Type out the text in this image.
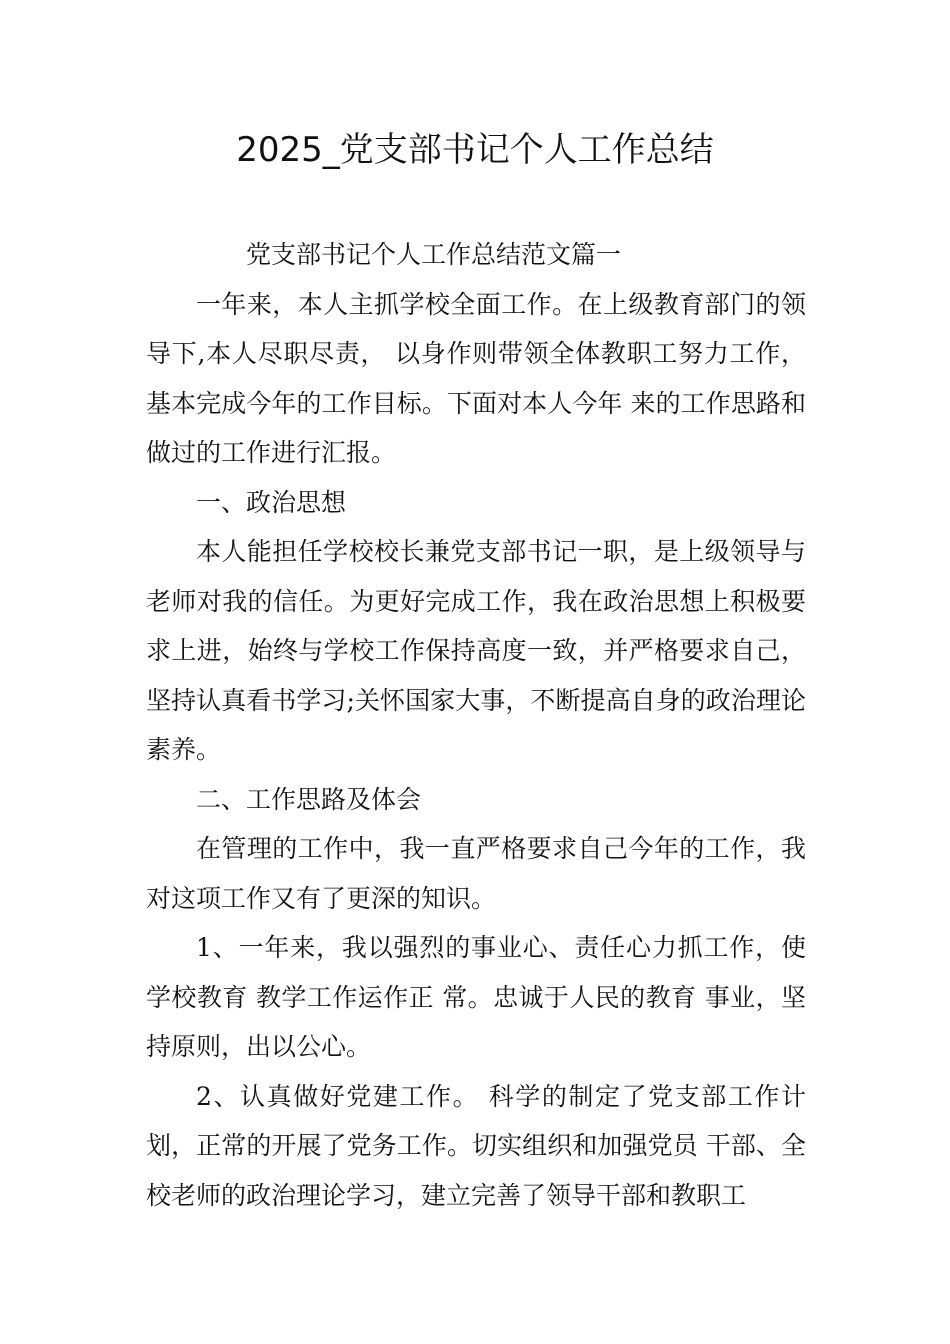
2025_党支部书记个人工作总结

党支部书记个人工作总结范文篇一

一年来，本人主抓学校全面工作。在上级教育部门的领导下,本人尽职尽责， 以身作则带领全体教职工努力工作，基本完成今年的工作目标。下面对本人今年 来的工作思路和做过的工作进行汇报。

一、政治思想

本人能担任学校校长兼党支部书记一职，是上级领导与老师对我的信任。为更好完成工作，我在政治思想上积极要求上进，始终与学校工作保持高度一致，并严格要求自己，坚持认真看书学习;关怀国家大事，不断提高自身的政治理论素养。

二、工作思路及体会

在管理的工作中，我一直严格要求自己今年的工作，我对这项工作又有了更深的知识。

1、一年来，我以强烈的事业心、责任心力抓工作，使学校教育 教学工作运作正 常。忠诚于人民的教育 事业，坚持原则，出以公心。

2、认真做好党建工作。 科学的制定了党支部工作计划，正常的开展了党务工作。切实组织和加强党员 干部、全校老师的政治理论学习，建立完善了领导干部和教职工
